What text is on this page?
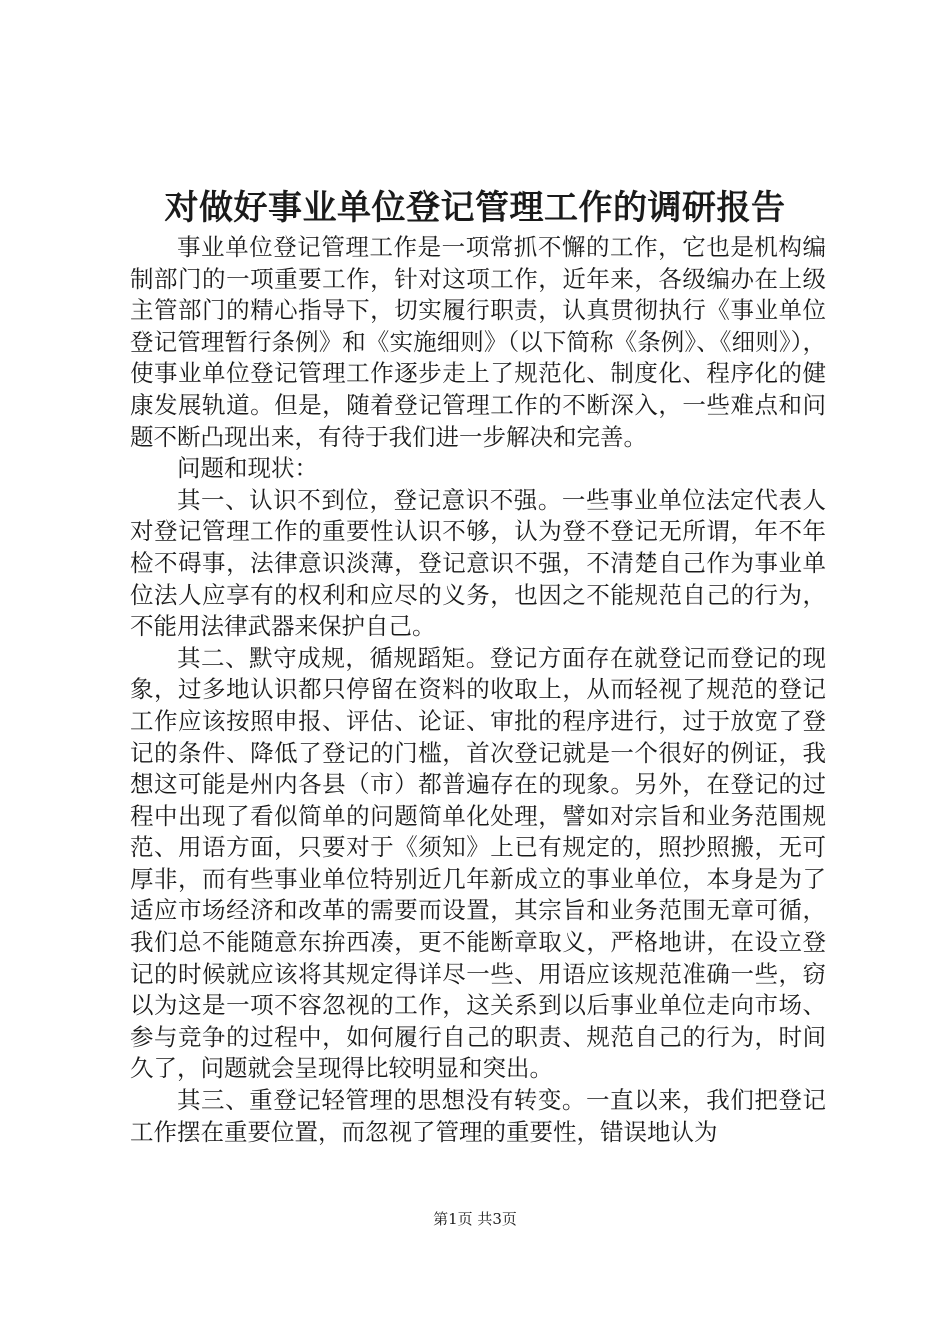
对做好事业单位登记管理工作的调研报告

事业单位登记管理工作是一项常抓不懈的工作，它也是机构编制部门的一项重要工作，针对这项工作，近年来，各级编办在上级主管部门的精心指导下，切实履行职责，认真贯彻执行《事业单位登记管理暂行条例》和《实施细则》（以下简称《条例》、《细则》），使事业单位登记管理工作逐步走上了规范化、制度化、程序化的健康发展轨道。但是，随着登记管理工作的不断深入，一些难点和问题不断凸现出来，有待于我们进一步解决和完善。

问题和现状：

其一、认识不到位，登记意识不强。一些事业单位法定代表人对登记管理工作的重要性认识不够，认为登不登记无所谓，年不年检不碍事，法律意识淡薄，登记意识不强，不清楚自己作为事业单位法人应享有的权利和应尽的义务，也因之不能规范自己的行为，不能用法律武器来保护自己。

其二、默守成规，循规蹈矩。登记方面存在就登记而登记的现象，过多地认识都只停留在资料的收取上，从而轻视了规范的登记工作应该按照申报、评估、论证、审批的程序进行，过于放宽了登记的条件、降低了登记的门槛，首次登记就是一个很好的例证，我想这可能是州内各县（市）都普遍存在的现象。另外，在登记的过程中出现了看似简单的问题简单化处理，譬如对宗旨和业务范围规范、用语方面，只要对于《须知》上已有规定的，照抄照搬，无可厚非，而有些事业单位特别近几年新成立的事业单位，本身是为了适应市场经济和改革的需要而设置，其宗旨和业务范围无章可循，我们总不能随意东拚西凑，更不能断章取义，严格地讲，在设立登记的时候就应该将其规定得详尽一些、用语应该规范准确一些，窃以为这是一项不容忽视的工作，这关系到以后事业单位走向市场、参与竞争的过程中，如何履行自己的职责、规范自己的行为，时间久了，问题就会呈现得比较明显和突出。

其三、重登记轻管理的思想没有转变。一直以来，我们把登记工作摆在重要位置，而忽视了管理的重要性，错误地认为

第1页 共3页
